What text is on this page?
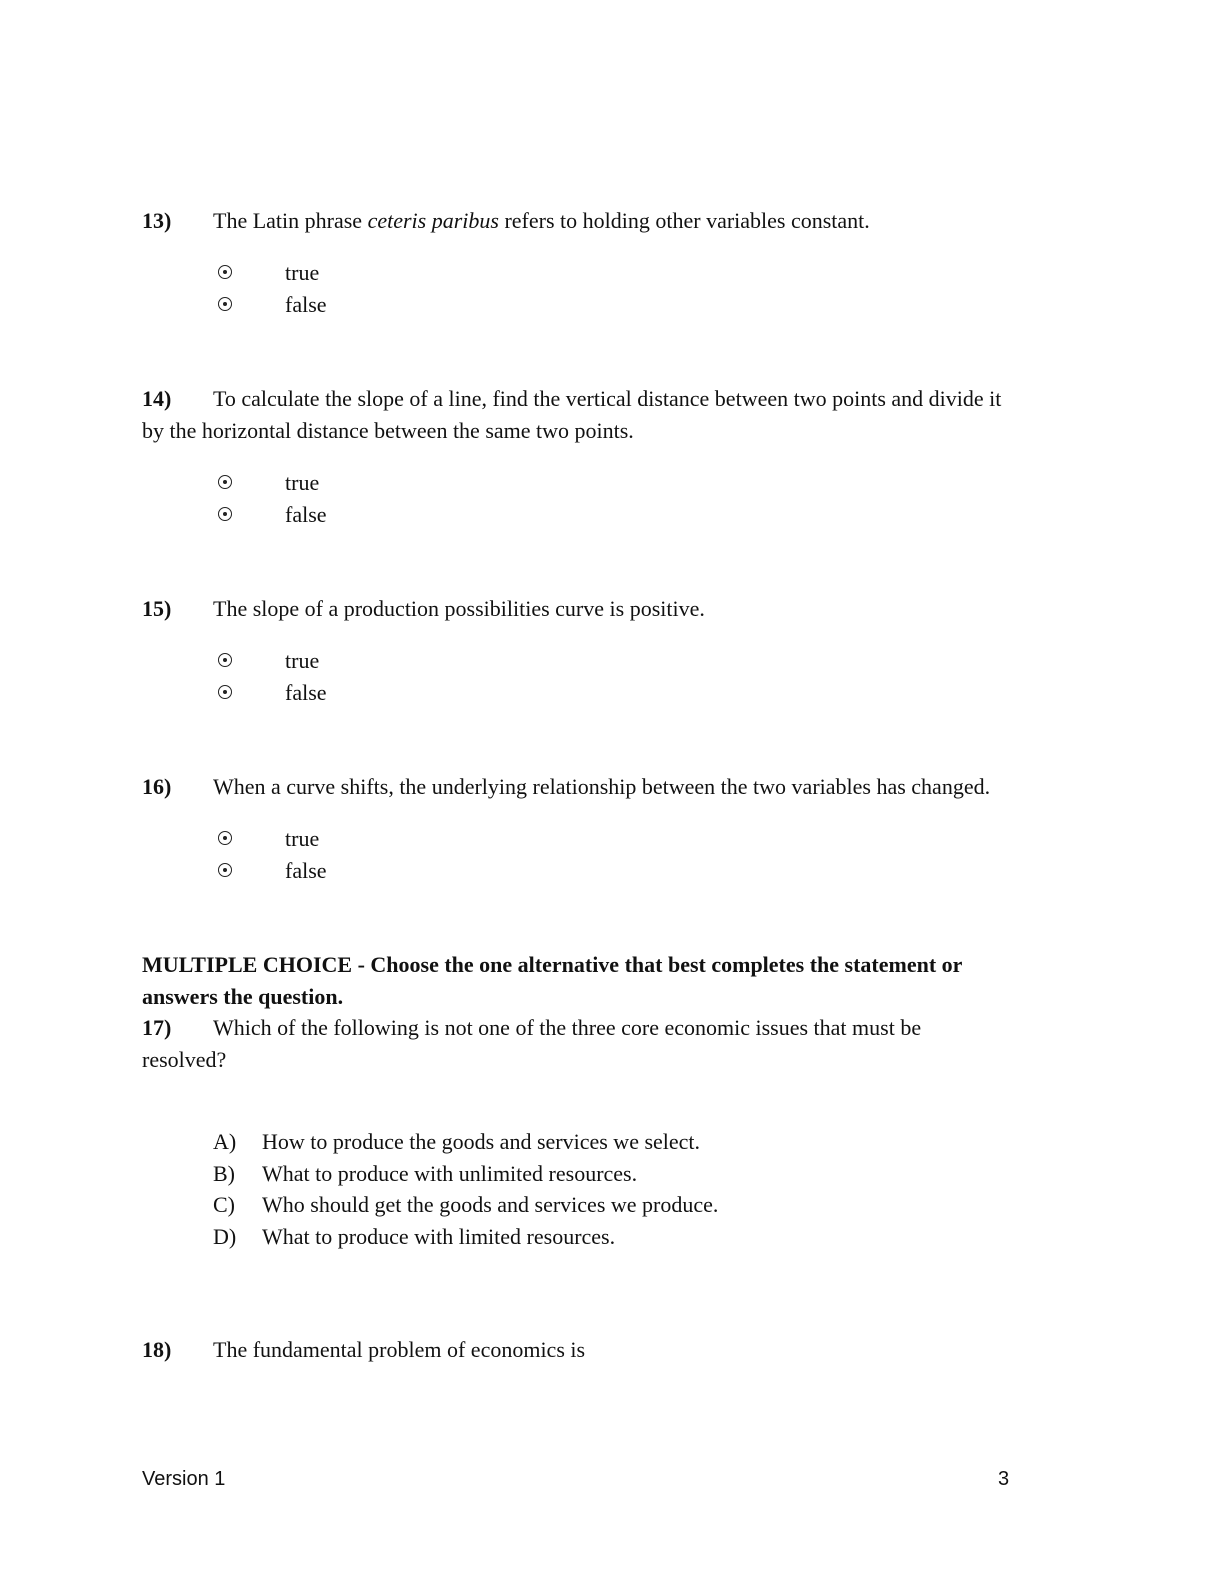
13) The Latin phrase ceteris paribus refers to holding other variables constant.
true
false
14) To calculate the slope of a line, find the vertical distance between two points and divide it
by the horizontal distance between the same two points.
true
false
15) The slope of a production possibilities curve is positive.
true
false
16) When a curve shifts, the underlying relationship between the two variables has changed.
true
false
MULTIPLE CHOICE - Choose the one alternative that best completes the statement or
answers the question.
17) Which of the following is not one of the three core economic issues that must be
resolved?
A) How to produce the goods and services we select.
B) What to produce with unlimited resources.
C) Who should get the goods and services we produce.
D) What to produce with limited resources.
18) The fundamental problem of economics is
Version 1	3
